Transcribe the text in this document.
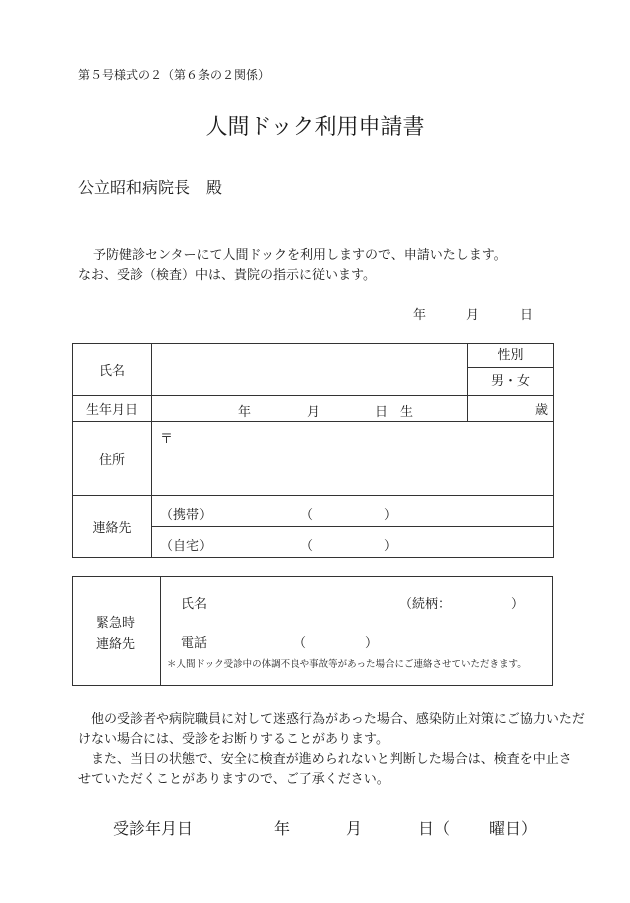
第５号様式の２（第６条の２関係）
人間ドック利用申請書
公立昭和病院長　殿
予防健診センターにて人間ドックを利用しますので、申請いたします。
なお、受診（検査）中は、貴院の指示に従います。
年	月	日
氏名		性別
男・女

生年月日	年 月 日 生	歳
住所	〒	
連絡先	（携帯） （ ）	

	（自宅） （ ）	
緊急時
連絡先
氏名	（続柄：	）
電話	（	）
＊人間ドック受診中の体調不良や事故等があった場合にご連絡させていただきます。
他の受診者や病院職員に対して迷惑行為があった場合、感染防止対策にご協力いただ
けない場合には、受診をお断りすることがあります。
また、当日の状態で、安全に検査が進められないと判断した場合は、検査を中止さ
せていただくことがありますので、ご了承ください。
受診年月日	年	月	日（ 曜日）
